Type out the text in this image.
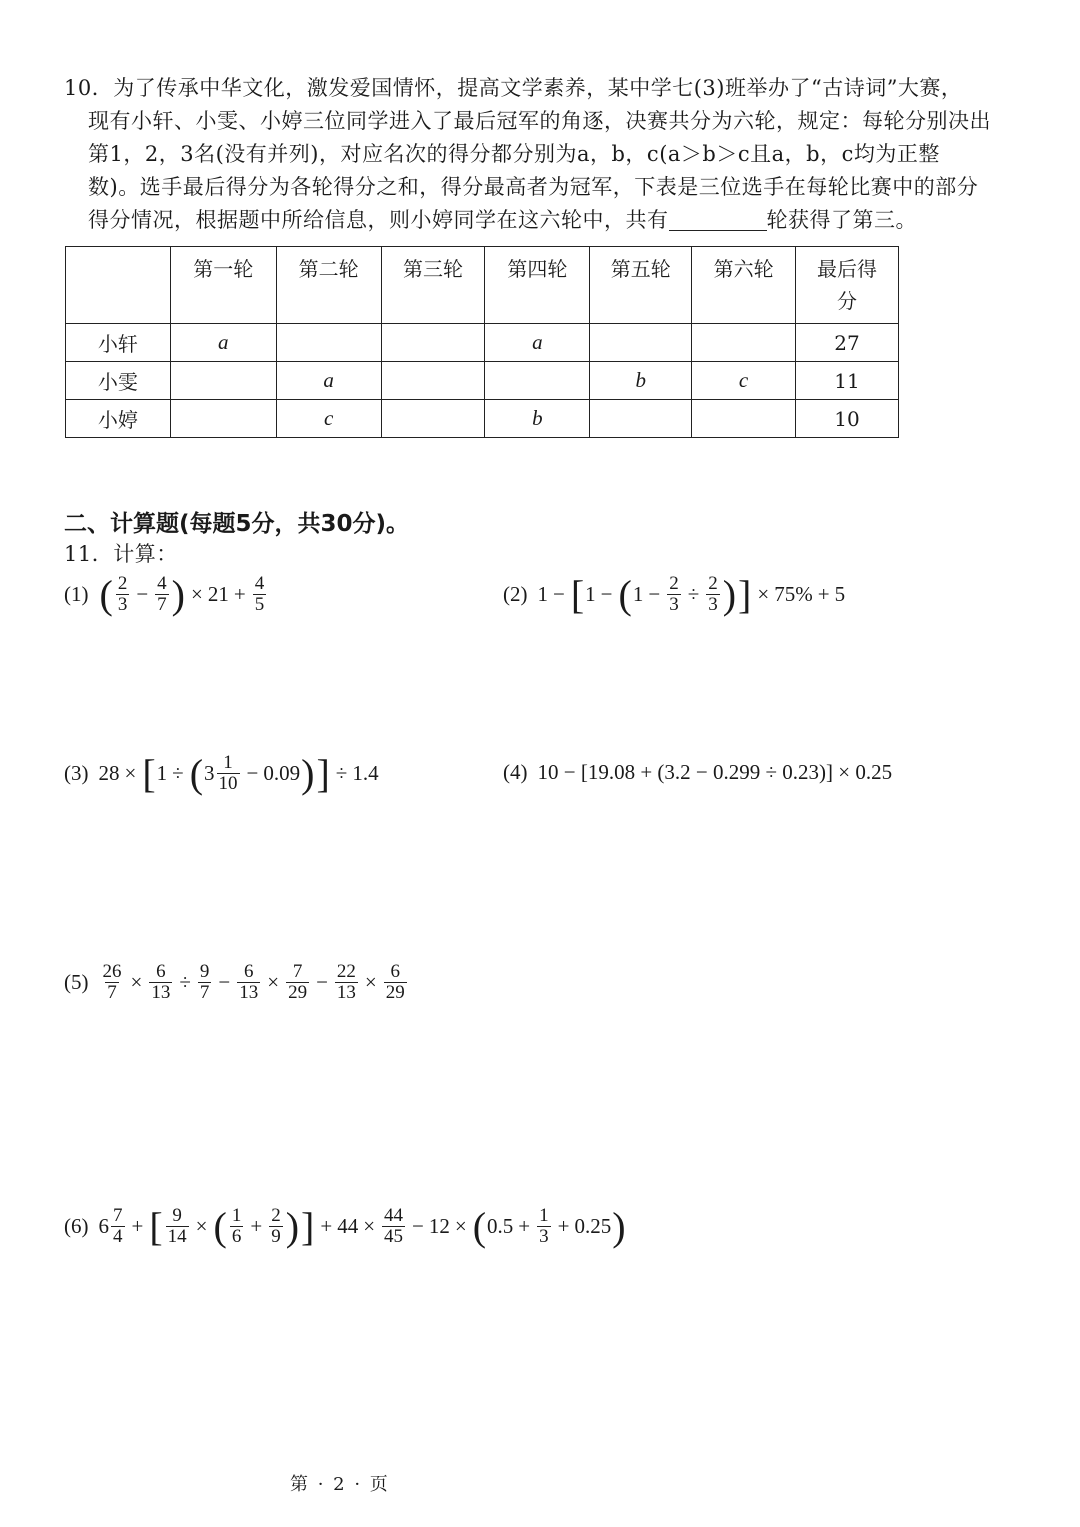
10．为了传承中华文化，激发爱国情怀，提高文学素养，某中学七(3)班举办了“古诗词”大赛，
现有小轩、小雯、小婷三位同学进入了最后冠军的角逐，决赛共分为六轮，规定：每轮分别决出
第1，2，3名(没有并列)，对应名次的得分都分别为a，b，c(a＞b＞c且a，b，c均为正整
数)。选手最后得分为各轮得分之和，得分最高者为冠军，下表是三位选手在每轮比赛中的部分
得分情况，根据题中所给信息，则小婷同学在这六轮中，共有	轮获得了第三。
	第一轮	第二轮	第三轮	第四轮	第五轮	第六轮	最后得分
小轩	a			a			27
小雯		a			b	c	11
小婷		c		b			10
二、计算题(每题5分，共30分)。
11．计算：
(1) ( $\frac{2}{3} - \frac{4}{7}$ ) × $21 + \frac{4}{5}$	(2) 1 − [ 1 − ( $1 - \frac{2}{3} \div \frac{2}{3}$ ) ] × 75% + 5
(3) 28 × [ 1 ÷ ( $3 \frac{1}{10} - 0.09$ ) ] ÷ 1.4	(4) 10 − [19.08 + (3.2 − 0.299 ÷ 0.23)] × 0.25
$(5) \frac{26}{7} \times \frac{6}{13} \div \frac{9}{7} - \frac{6}{13} \times \frac{7}{29} - \frac{22}{13} \times \frac{6}{29}$
(6) $6 \frac{7}{4}$ + [ $\frac{9}{14}$ × ( $\frac{1}{6} + \frac{2}{9}$ ) ] + $44 \times \frac{44}{45} - 12$ × ( $0.5 + \frac{1}{3} + 0.25$ )
第 · 2 · 页
